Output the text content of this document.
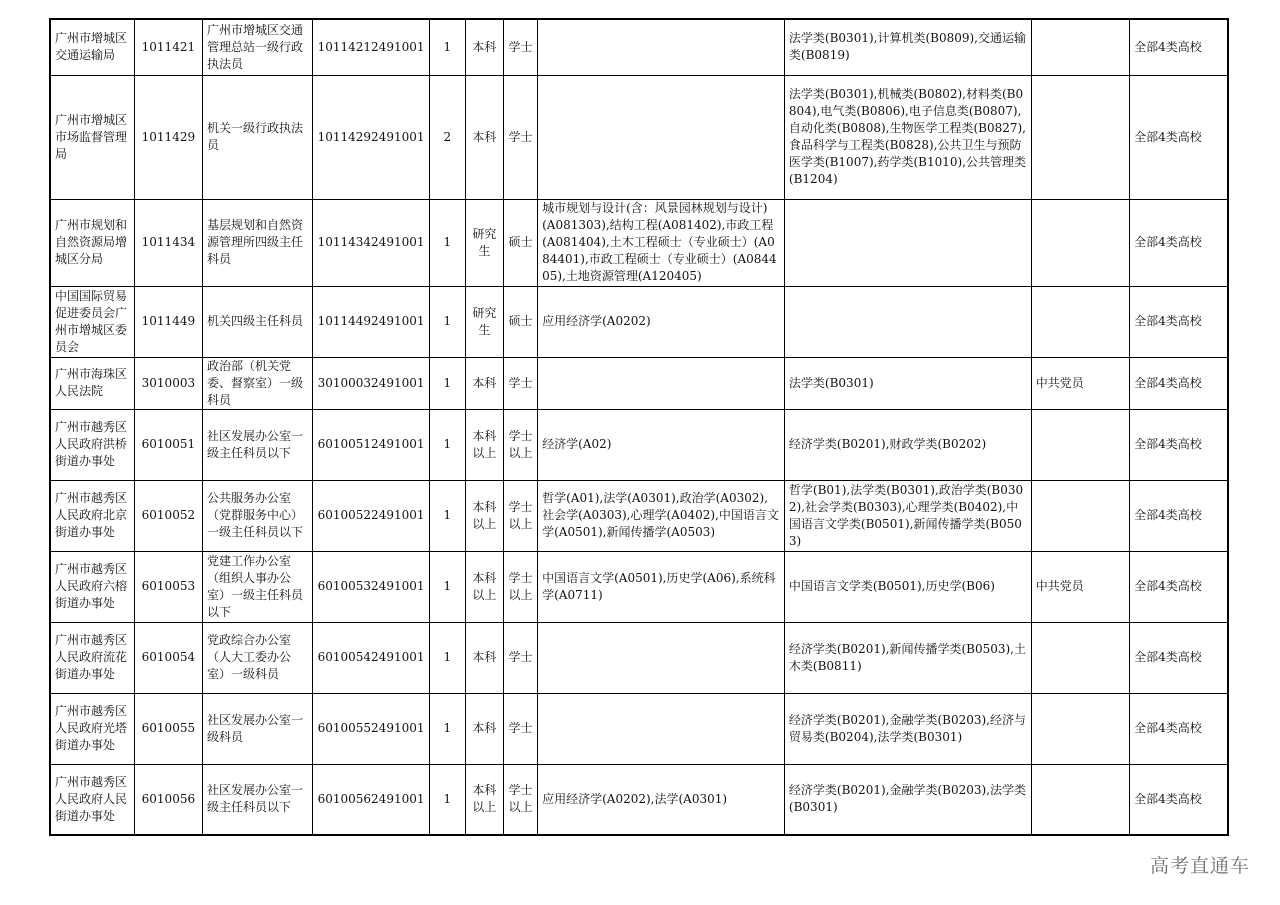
广州市增城区交通运输局	1011421	广州市增城区交通管理总站一级行政执法员	10114212491001	1	本科	学士		法学类(B0301),计算机类(B0809),交通运输类(B0819)		全部4类高校
广州市增城区市场监督管理局	1011429	机关一级行政执法员	10114292491001	2	本科	学士		法学类(B0301),机械类(B0802),材料类(B0804),电气类(B0806),电子信息类(B0807),自动化类(B0808),生物医学工程类(B0827),食品科学与工程类(B0828),公共卫生与预防医学类(B1007),药学类(B1010),公共管理类(B1204)		全部4类高校
广州市规划和自然资源局增城区分局	1011434	基层规划和自然资源管理所四级主任科员	10114342491001	1	研究生	硕士	城市规划与设计(含：风景园林规划与设计)(A081303),结构工程(A081402),市政工程(A081404),土木工程硕士（专业硕士）(A084401),市政工程硕士（专业硕士）(A084405),土地资源管理(A120405)			全部4类高校
中国国际贸易促进委员会广州市增城区委员会	1011449	机关四级主任科员	10114492491001	1	研究生	硕士	应用经济学(A0202)			全部4类高校
广州市海珠区人民法院	3010003	政治部（机关党委、督察室）一级科员	30100032491001	1	本科	学士		法学类(B0301)	中共党员	全部4类高校
广州市越秀区人民政府洪桥街道办事处	6010051	社区发展办公室一级主任科员以下	60100512491001	1	本科以上	学士以上	经济学(A02)	经济学类(B0201),财政学类(B0202)		全部4类高校
广州市越秀区人民政府北京街道办事处	6010052	公共服务办公室（党群服务中心）一级主任科员以下	60100522491001	1	本科以上	学士以上	哲学(A01),法学(A0301),政治学(A0302),社会学(A0303),心理学(A0402),中国语言文学(A0501),新闻传播学(A0503)	哲学(B01),法学类(B0301),政治学类(B0302),社会学类(B0303),心理学类(B0402),中国语言文学类(B0501),新闻传播学类(B0503)		全部4类高校
广州市越秀区人民政府六榕街道办事处	6010053	党建工作办公室（组织人事办公室）一级主任科员以下	60100532491001	1	本科以上	学士以上	中国语言文学(A0501),历史学(A06),系统科学(A0711)	中国语言文学类(B0501),历史学(B06)	中共党员	全部4类高校
广州市越秀区人民政府流花街道办事处	6010054	党政综合办公室（人大工委办公室）一级科员	60100542491001	1	本科	学士		经济学类(B0201),新闻传播学类(B0503),土木类(B0811)		全部4类高校
广州市越秀区人民政府光塔街道办事处	6010055	社区发展办公室一级科员	60100552491001	1	本科	学士		经济学类(B0201),金融学类(B0203),经济与贸易类(B0204),法学类(B0301)		全部4类高校
广州市越秀区人民政府人民街道办事处	6010056	社区发展办公室一级主任科员以下	60100562491001	1	本科以上	学士以上	应用经济学(A0202),法学(A0301)	经济学类(B0201),金融学类(B0203),法学类(B0301)		全部4类高校
高考直通车
